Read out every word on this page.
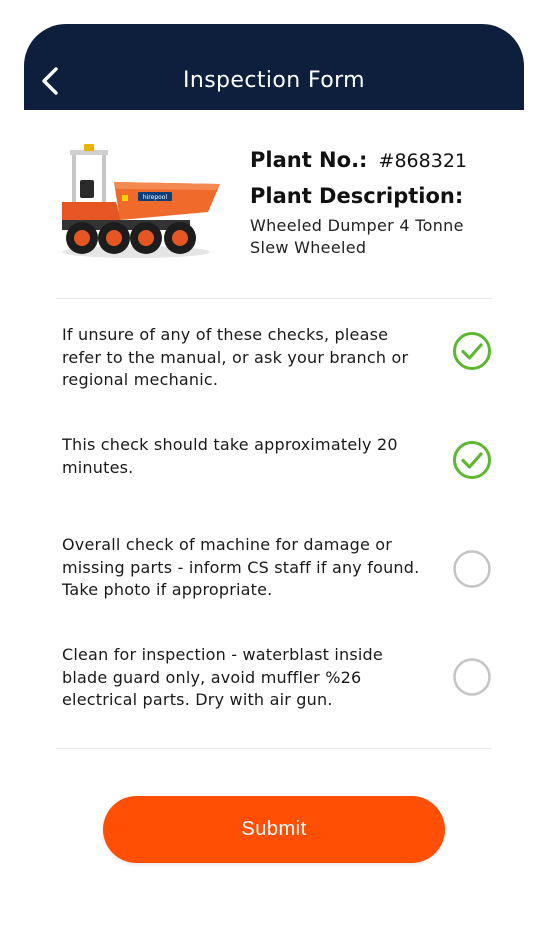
Inspection Form
hirepool
Plant No.: #868321
Plant Description:
Wheeled Dumper 4 Tonne Slew Wheeled
If unsure of any of these checks, please refer to the manual, or ask your branch or regional mechanic.
This check should take approximately 20 minutes.
Overall check of machine for damage or missing parts - inform CS staff if any found. Take photo if appropriate.
Clean for inspection - waterblast inside blade guard only, avoid muffler %26 electrical parts. Dry with air gun.
Submit
